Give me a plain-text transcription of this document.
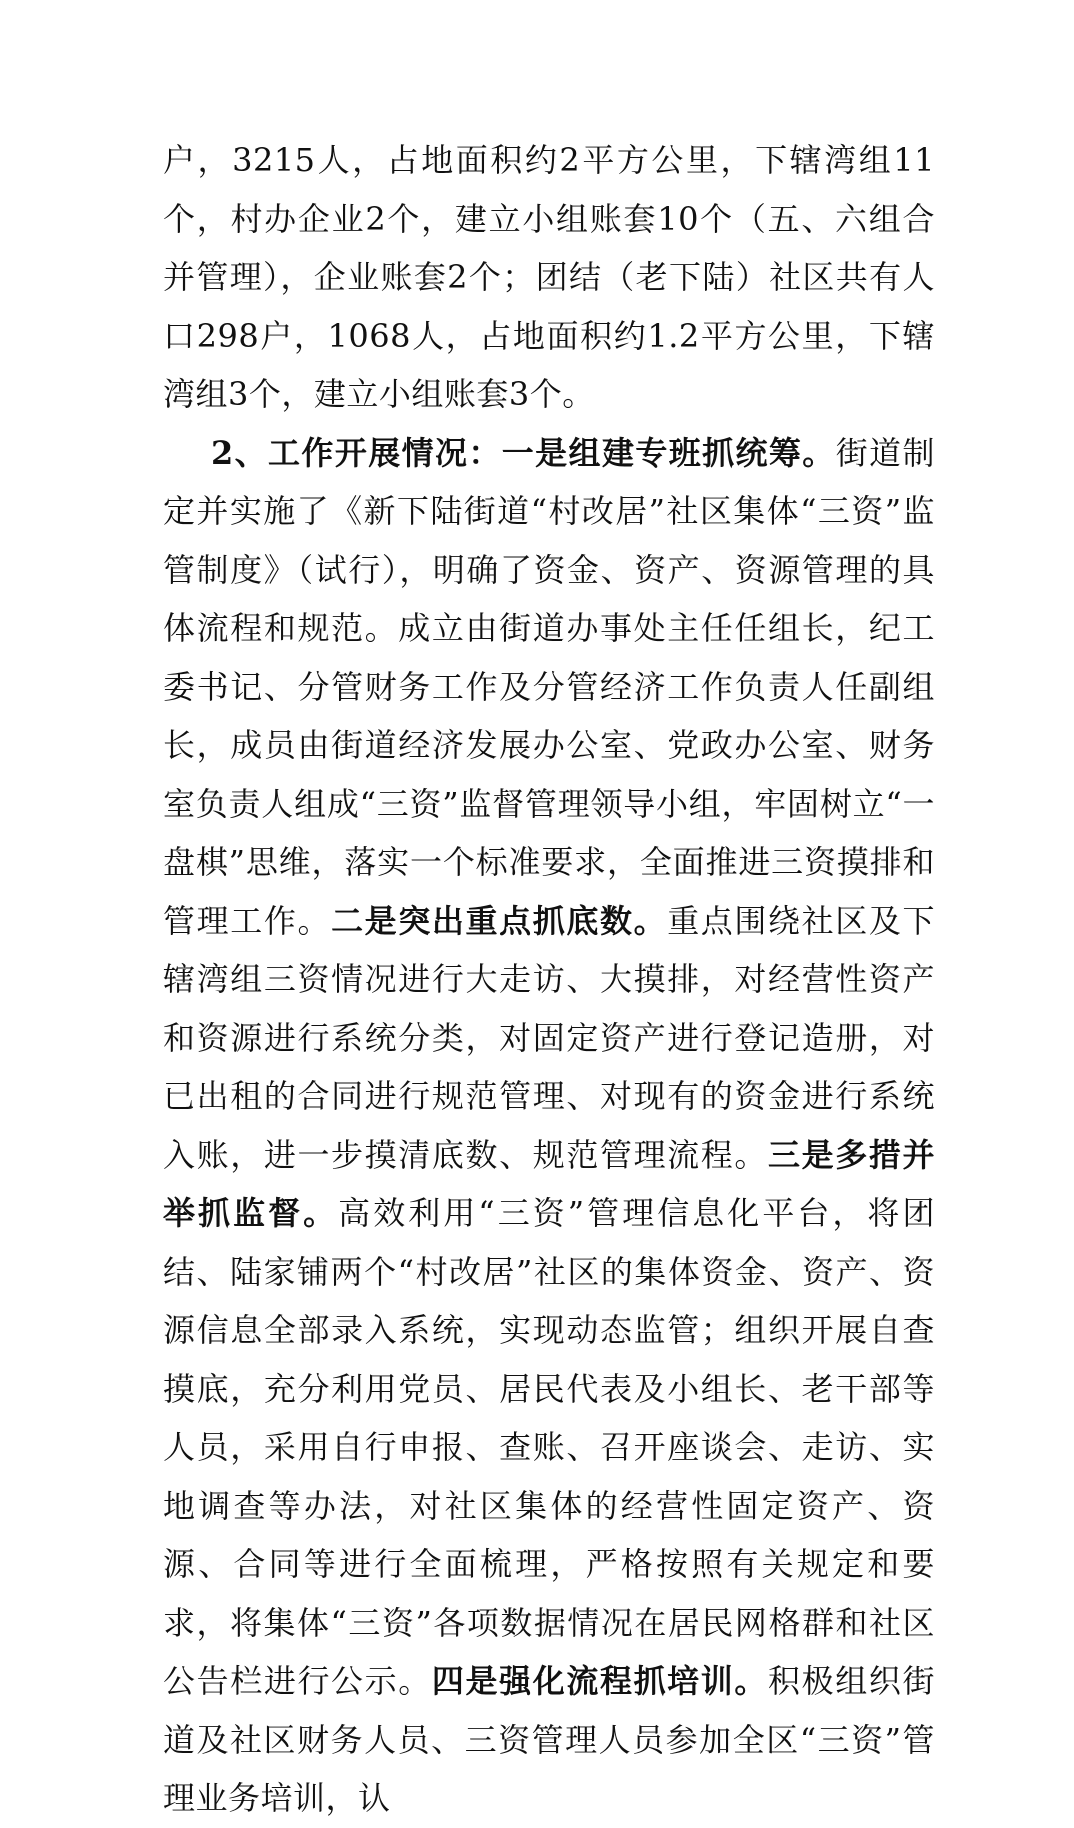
户，3215人，占地面积约2平方公里，下辖湾组11个，村办企业2个，建立小组账套10个（五、六组合并管理），企业账套2个；团结（老下陆）社区共有人口298户，1068人，占地面积约1.2平方公里，下辖湾组3个，建立小组账套3个。

2、工作开展情况：一是组建专班抓统筹。街道制定并实施了《新下陆街道“村改居”社区集体“三资”监管制度》（试行），明确了资金、资产、资源管理的具体流程和规范。成立由街道办事处主任任组长，纪工委书记、分管财务工作及分管经济工作负责人任副组长，成员由街道经济发展办公室、党政办公室、财务室负责人组成“三资”监督管理领导小组，牢固树立“一盘棋”思维，落实一个标准要求，全面推进三资摸排和管理工作。二是突出重点抓底数。重点围绕社区及下辖湾组三资情况进行大走访、大摸排，对经营性资产和资源进行系统分类，对固定资产进行登记造册，对已出租的合同进行规范管理、对现有的资金进行系统入账，进一步摸清底数、规范管理流程。三是多措并举抓监督。高效利用“三资”管理信息化平台，将团结、陆家铺两个“村改居”社区的集体资金、资产、资源信息全部录入系统，实现动态监管；组织开展自查摸底，充分利用党员、居民代表及小组长、老干部等人员，采用自行申报、查账、召开座谈会、走访、实地调查等办法，对社区集体的经营性固定资产、资源、合同等进行全面梳理，严格按照有关规定和要求，将集体“三资”各项数据情况在居民网格群和社区公告栏进行公示。四是强化流程抓培训。积极组织街道及社区财务人员、三资管理人员参加全区“三资”管理业务培训，认
